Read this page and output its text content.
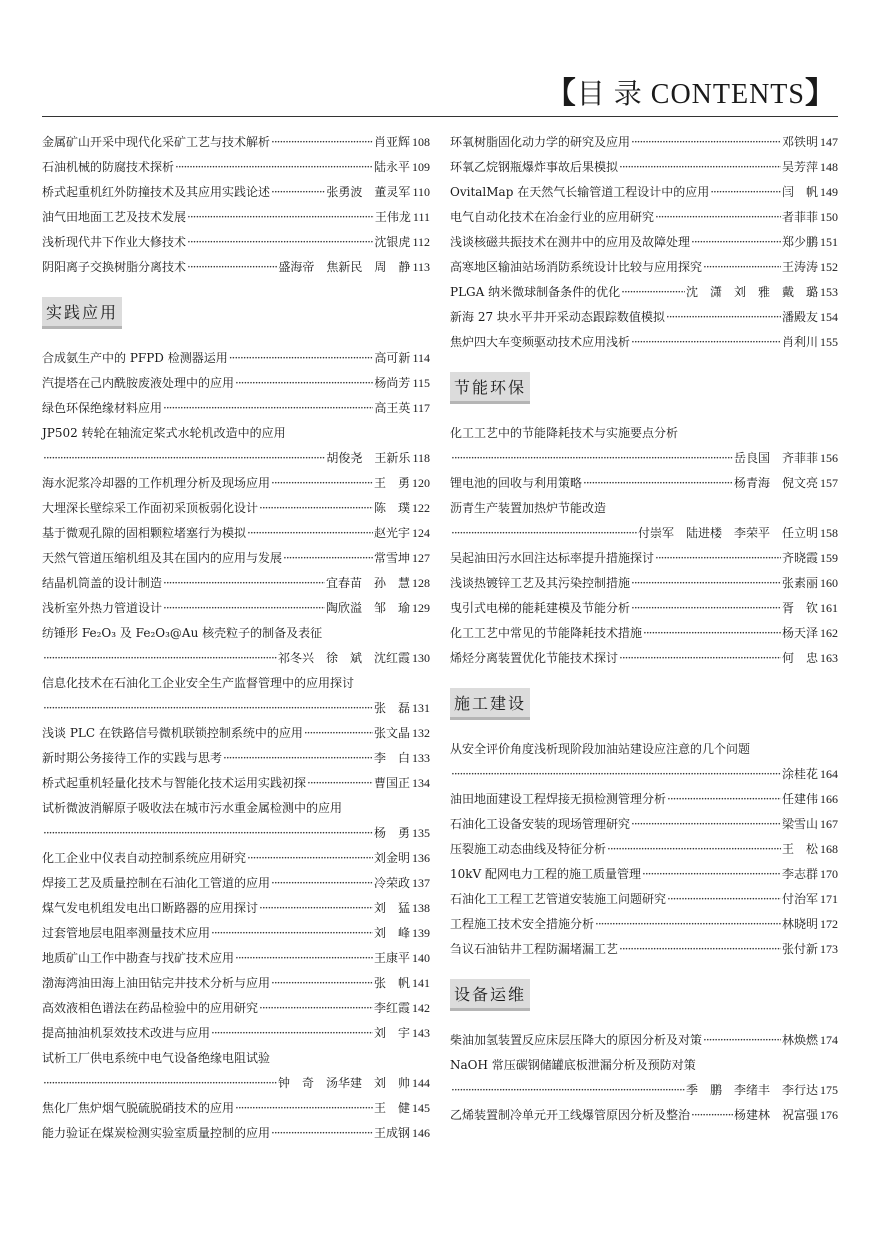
【目 录 CONTENTS】
金属矿山开采中现代化采矿工艺与技术解析 ·····	肖亚辉 108
石油机械的防腐技术探析 ·····	陆永平 109
桥式起重机红外防撞技术及其应用实践论述 ·····	张勇波　董灵军 110
油气田地面工艺及技术发展 ·····	王伟龙 111
浅析现代井下作业大修技术 ·····	沈银虎 112
阴阳离子交换树脂分离技术 ·····	盛海帝　焦新民　周　静 113
实践应用
合成氨生产中的 PFPD 检测器运用 ·····	高可新 114
汽提塔在己内酰胺废液处理中的应用 ·····	杨尚芳 115
绿色环保绝缘材料应用 ·····	高王英 117
JP502 转轮在轴流定桨式水轮机改造中的应用
·····
胡俊尧　王新乐 118
海水泥浆冷却器的工作机理分析及现场应用 ·····	王　勇 120
大埋深长壁综采工作面初采顶板弱化设计 ·····	陈　璞 122
基于微观孔隙的固相颗粒堵塞行为模拟 ·····	赵光宇 124
天然气管道压缩机组及其在国内的应用与发展 ·····	常雪坤 127
结晶机筒盖的设计制造 ·····	宜春苗　孙　慧 128
浅析室外热力管道设计 ·····	陶欣溢　邹　瑜 129
纺锤形 Fe₂O₃ 及 Fe₂O₃@Au 核壳粒子的制备及表征
·····
祁冬兴　徐　斌　沈红霞 130
信息化技术在石油化工企业安全生产监督管理中的应用探讨
·····
张　磊 131
浅谈 PLC 在铁路信号微机联锁控制系统中的应用 ·····	张文晶 132
新时期公务接待工作的实践与思考 ·····	李　白 133
桥式起重机轻量化技术与智能化技术运用实践初探 ·····	曹国正 134
试析微波消解原子吸收法在城市污水重金属检测中的应用
·····
杨　勇 135
化工企业中仪表自动控制系统应用研究 ·····	刘金明 136
焊接工艺及质量控制在石油化工管道的应用 ·····	冷荣政 137
煤气发电机组发电出口断路器的应用探讨 ·····	刘　猛 138
过套管地层电阻率测量技术应用 ·····	刘　峰 139
地质矿山工作中勘查与找矿技术应用 ·····	王康平 140
渤海湾油田海上油田钻完井技术分析与应用 ·····	张　帆 141
高效液相色谱法在药品检验中的应用研究 ·····	李红霞 142
提高抽油机泵效技术改进与应用 ·····	刘　宇 143
试析工厂供电系统中电气设备绝缘电阻试验
·····
钟　奇　汤华建　刘　帅 144
焦化厂焦炉烟气脱硫脱硝技术的应用 ·····	王　健 145
能力验证在煤炭检测实验室质量控制的应用 ·····	王成钢 146
环氧树脂固化动力学的研究及应用 ·····	邓铁明 147
环氧乙烷钢瓶爆炸事故后果模拟 ·····	吴芳萍 148
OvitalMap 在天然气长输管道工程设计中的应用 ·····	闫　帆 149
电气自动化技术在冶金行业的应用研究 ·····	者菲菲 150
浅谈核磁共振技术在测井中的应用及故障处理 ·····	郑少鹏 151
高寒地区输油站场消防系统设计比较与应用探究 ·····	王涛涛 152
PLGA 纳米微球制备条件的优化 ·····	沈　潇　刘　雅　戴　璐 153
新海 27 块水平井开采动态跟踪数值模拟 ·····	潘殿友 154
焦炉四大车变频驱动技术应用浅析 ·····	肖利川 155
节能环保
化工工艺中的节能降耗技术与实施要点分析
·····
岳良国　齐菲菲 156
锂电池的回收与利用策略 ·····	杨青海　倪文亮 157
沥青生产装置加热炉节能改造
·····
付崇军　陆进楼　李荣平　任立明 158
吴起油田污水回注达标率提升措施探讨 ·····	齐晓霞 159
浅谈热镀锌工艺及其污染控制措施 ·····	张素丽 160
曳引式电梯的能耗建模及节能分析 ·····	胥　钦 161
化工工艺中常见的节能降耗技术措施 ·····	杨天泽 162
烯烃分离装置优化节能技术探讨 ·····	何　忠 163
施工建设
从安全评价角度浅析现阶段加油站建设应注意的几个问题
·····
涂桂花 164
油田地面建设工程焊接无损检测管理分析 ·····	任建伟 166
石油化工设备安装的现场管理研究 ·····	梁雪山 167
压裂施工动态曲线及特征分析 ·····	王　松 168
10kV 配网电力工程的施工质量管理 ·····	李志群 170
石油化工工程工艺管道安装施工问题研究 ·····	付治军 171
工程施工技术安全措施分析 ·····	林晓明 172
刍议石油钻井工程防漏堵漏工艺 ·····	张付新 173
设备运维
柴油加氢装置反应床层压降大的原因分析及对策 ·····	林焕燃 174
NaOH 常压碳钢储罐底板泄漏分析及预防对策
·····
季　鹏　李绪丰　李行达 175
乙烯装置制冷单元开工线爆管原因分析及整治 ·····	杨建林　祝富强 176
